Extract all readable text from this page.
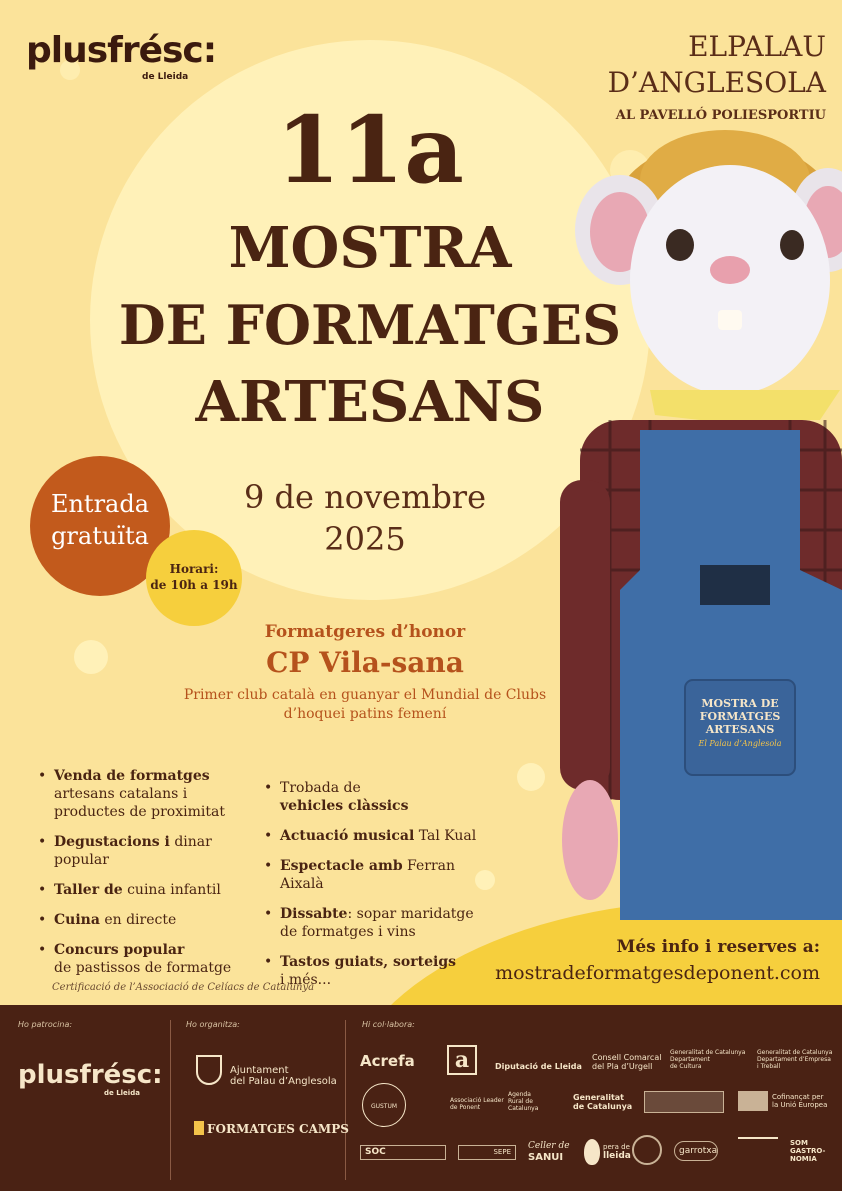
plusfrésc:
de Lleida
ELPALAU
D’ANGLESOLA
AL PAVELLÓ POLIESPORTIU
11a
MOSTRA
DE FORMATGES
ARTESANS
9 de novembre
2025
Entrada
gratuïta
Horari:
de 10h a 19h
Formatgeres d’honor
CP Vila-sana
Primer club català en guanyar el Mundial de Clubs
d’hoquei patins femení
MOSTRA DE
FORMATGES
ARTESANS
El Palau d’Anglesola
• Venda de formatges
artesans catalans i productes de proximitat
• Degustacions i dinar popular
• Taller de cuina infantil
• Cuina en directe
• Concurs popular
de pastissos de formatge
• Trobada de
vehicles clàssics
• Actuació musical Tal Kual
• Espectacle amb Ferran Aixalà
• Dissabte: sopar maridatge de formatges i vins
• Tastos guiats, sorteigs
i més...
Certificació de l’Associació de Celíacs de Catalunya
Més info i reserves a:
mostradeformatgesdeponent.com
Ho patrocina:	Ho organitza:	Hi col·labora:
plusfrésc:
de Lleida
Ajuntament
del Palau d’Anglesola
FORMATGES CAMPS
Acrefa	a	Diputació de Lleida
Consell Comarcal
del Pla d’Urgell
Generalitat de Catalunya
Departament
de Cultura
Generalitat de Catalunya
Departament d’Empresa
i Treball
GUSTUM
Associació Leader
de Ponent
Agenda
Rural de
Catalunya
Generalitat
de Catalunya
Cofinançat per
la Unió Europea
SOC	SEPE
Celler de
SANUI
pera de
lleida	garrotxa
SOM
GASTRO-
NOMIA
